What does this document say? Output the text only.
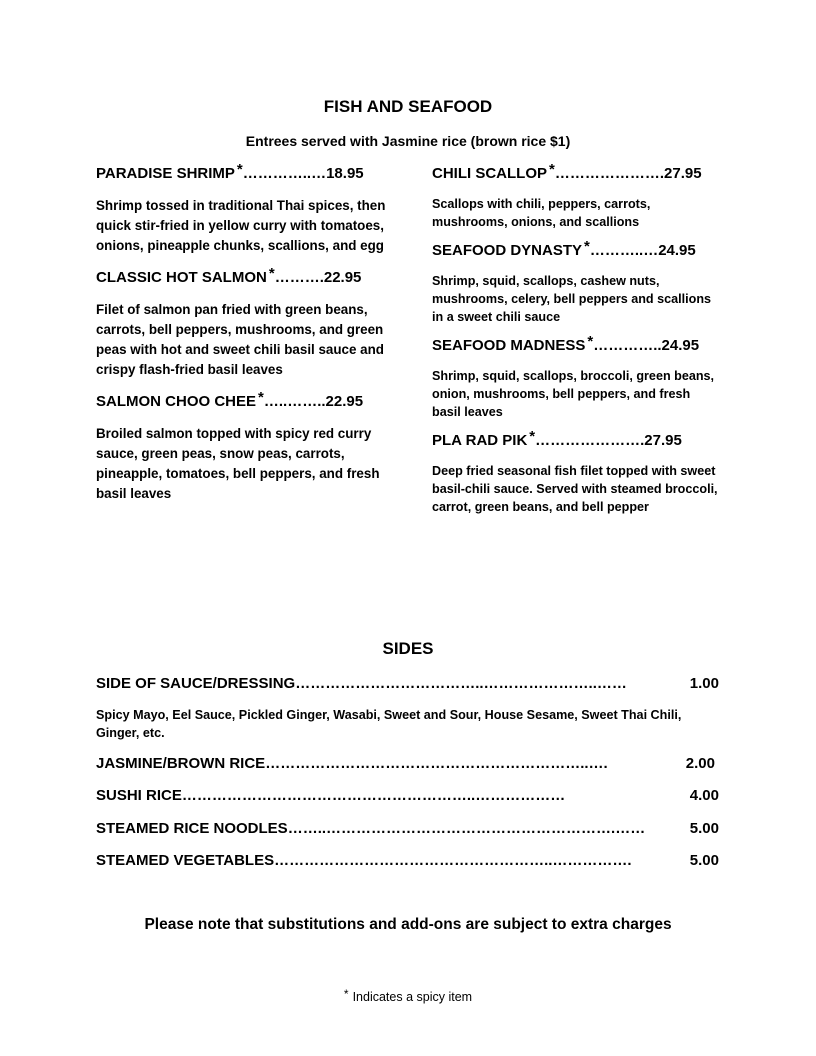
FISH AND SEAFOOD
Entrees served with Jasmine rice (brown rice $1)
PARADISE SHRIMP *…………..…18.95

Shrimp tossed in traditional Thai spices, then quick stir-fried in yellow curry with tomatoes, onions, pineapple chunks, scallions, and egg

CLASSIC HOT SALMON *……….22.95

Filet of salmon pan fried with green beans, carrots, bell peppers, mushrooms, and green peas with hot and sweet chili basil sauce and crispy flash-fried basil leaves

SALMON CHOO CHEE *…..……..22.95

Broiled salmon topped with spicy red curry sauce, green peas, snow peas, carrots, pineapple, tomatoes, bell peppers, and fresh basil leaves

CHILI SCALLOP *………………….27.95

Scallops with chili, peppers, carrots, mushrooms, onions, and scallions

SEAFOOD DYNASTY *………..…24.95

Shrimp, squid, scallops, cashew nuts, mushrooms, celery, bell peppers and scallions in a sweet chili sauce

SEAFOOD MADNESS *…………..24.95

Shrimp, squid, scallops, broccoli, green beans, onion, mushrooms, bell peppers, and fresh basil leaves

PLA RAD PIK *………………….27.95

Deep fried seasonal fish filet topped with sweet basil-chili sauce. Served with steamed broccoli, carrot, green beans, and bell pepper

SIDES
SIDE OF SAUCE/DRESSING………………………………..…………………..……	1.00
Spicy Mayo, Eel Sauce, Pickled Ginger, Wasabi, Sweet and Sour, House Sesame, Sweet Thai Chili, Ginger, etc.
JASMINE/BROWN RICE………………………………………………………..….	2.00
SUSHI RICE…………………………………………………..………………	4.00
STEAMED RICE NOODLES……..………………………………………………….……	5.00
STEAMED VEGETABLES………………………………………………..…………….	5.00
Please note that substitutions and add-ons are subject to extra charges
* Indicates a spicy item
